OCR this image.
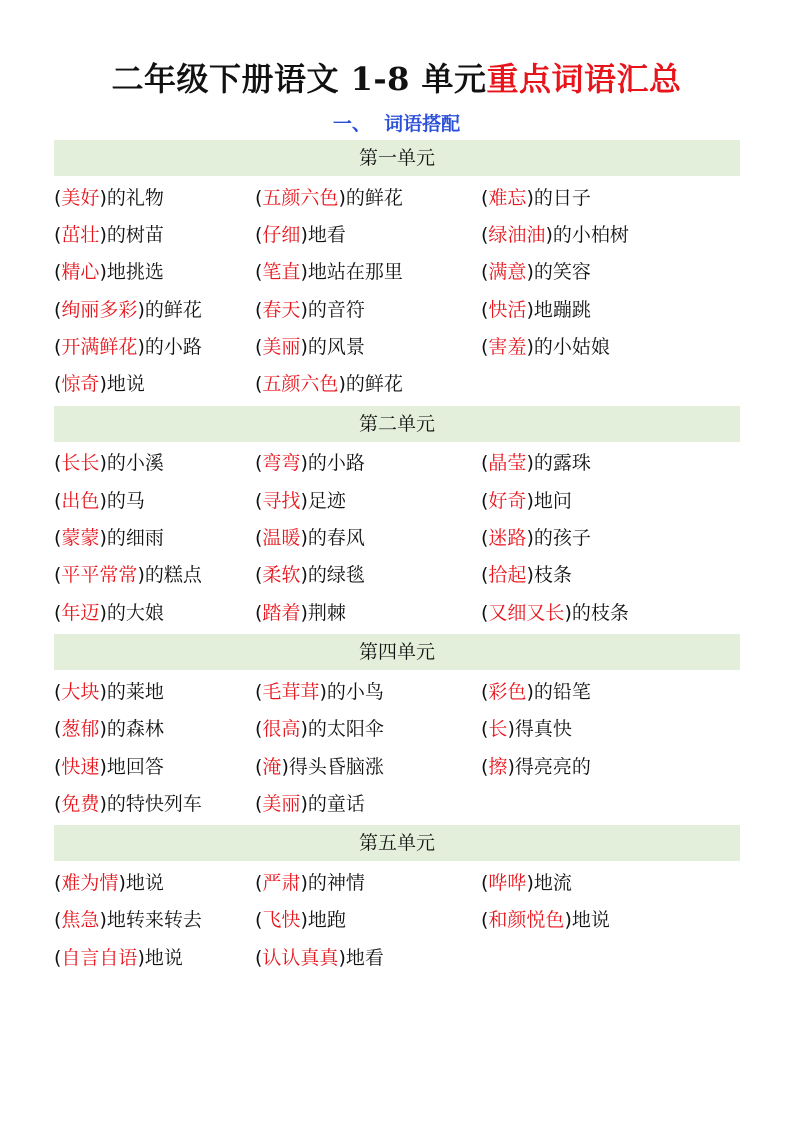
二年级下册语文 1-8 单元重点词语汇总
一、  词语搭配
第一单元
(美好)的礼物	(五颜六色)的鲜花	(难忘)的日子
(茁壮)的树苗	(仔细)地看	(绿油油)的小柏树
(精心)地挑选	(笔直)地站在那里	(满意)的笑容
(绚丽多彩)的鲜花	(春天)的音符	(快活)地蹦跳
(开满鲜花)的小路	(美丽)的风景	(害羞)的小姑娘
(惊奇)地说	(五颜六色)的鲜花
第二单元
(长长)的小溪	(弯弯)的小路	(晶莹)的露珠
(出色)的马	(寻找)足迹	(好奇)地问
(蒙蒙)的细雨	(温暖)的春风	(迷路)的孩子
(平平常常)的糕点	(柔软)的绿毯	(拾起)枝条
(年迈)的大娘	(踏着)荆棘	(又细又长)的枝条
第四单元
(大块)的莱地	(毛茸茸)的小鸟	(彩色)的铅笔
(葱郁)的森林	(很高)的太阳伞	(长)得真快
(快速)地回答	(淹)得头昏脑涨	(擦)得亮亮的
(免费)的特快列车	(美丽)的童话
第五单元
(难为情)地说	(严肃)的神情	(哗哗)地流
(焦急)地转来转去	(飞快)地跑	(和颜悦色)地说
(自言自语)地说	(认认真真)地看
